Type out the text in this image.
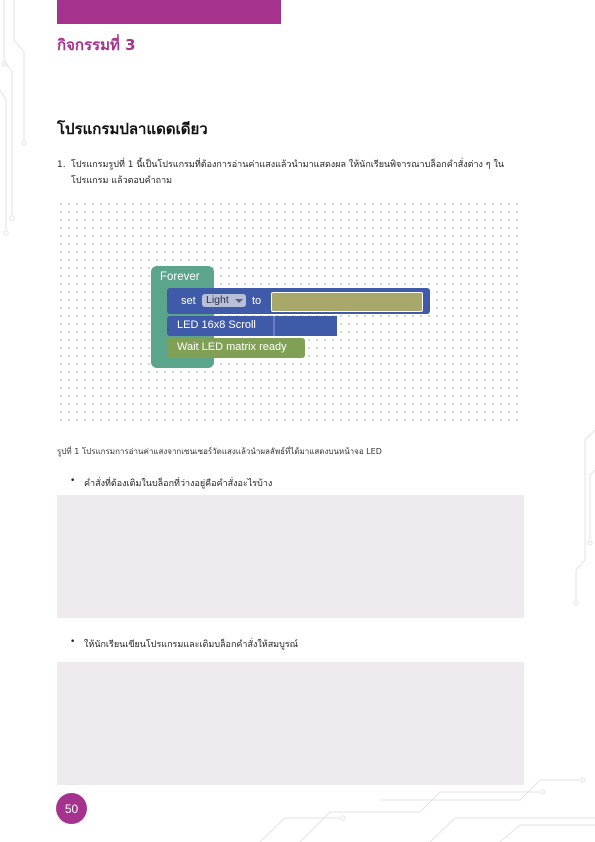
กิจกรรมที่ 3
โปรแกรมปลาแดดเดียว
1. โปรแกรมรูปที่ 1 นี้เป็นโปรแกรมที่ต้องการอ่านค่าแสงแล้วนำมาแสดงผล ให้นักเรียนพิจารณาบล็อกคำสั่งต่าง ๆ ในโปรแกรม แล้วตอบคำถาม
Forever
set Light to
LED 16x8 Scroll
Wait LED matrix ready
รูปที่ 1 โปรแกรมการอ่านค่าแสงจากเซนเซอร์วัดแสงแล้วนำผลลัพธ์ที่ได้มาแสดงบนหน้าจอ LED
• คำสั่งที่ต้องเติมในบล็อกที่ว่างอยู่คือคำสั่งอะไรบ้าง
• ให้นักเรียนเขียนโปรแกรมและเติมบล็อกคำสั่งให้สมบูรณ์
50
